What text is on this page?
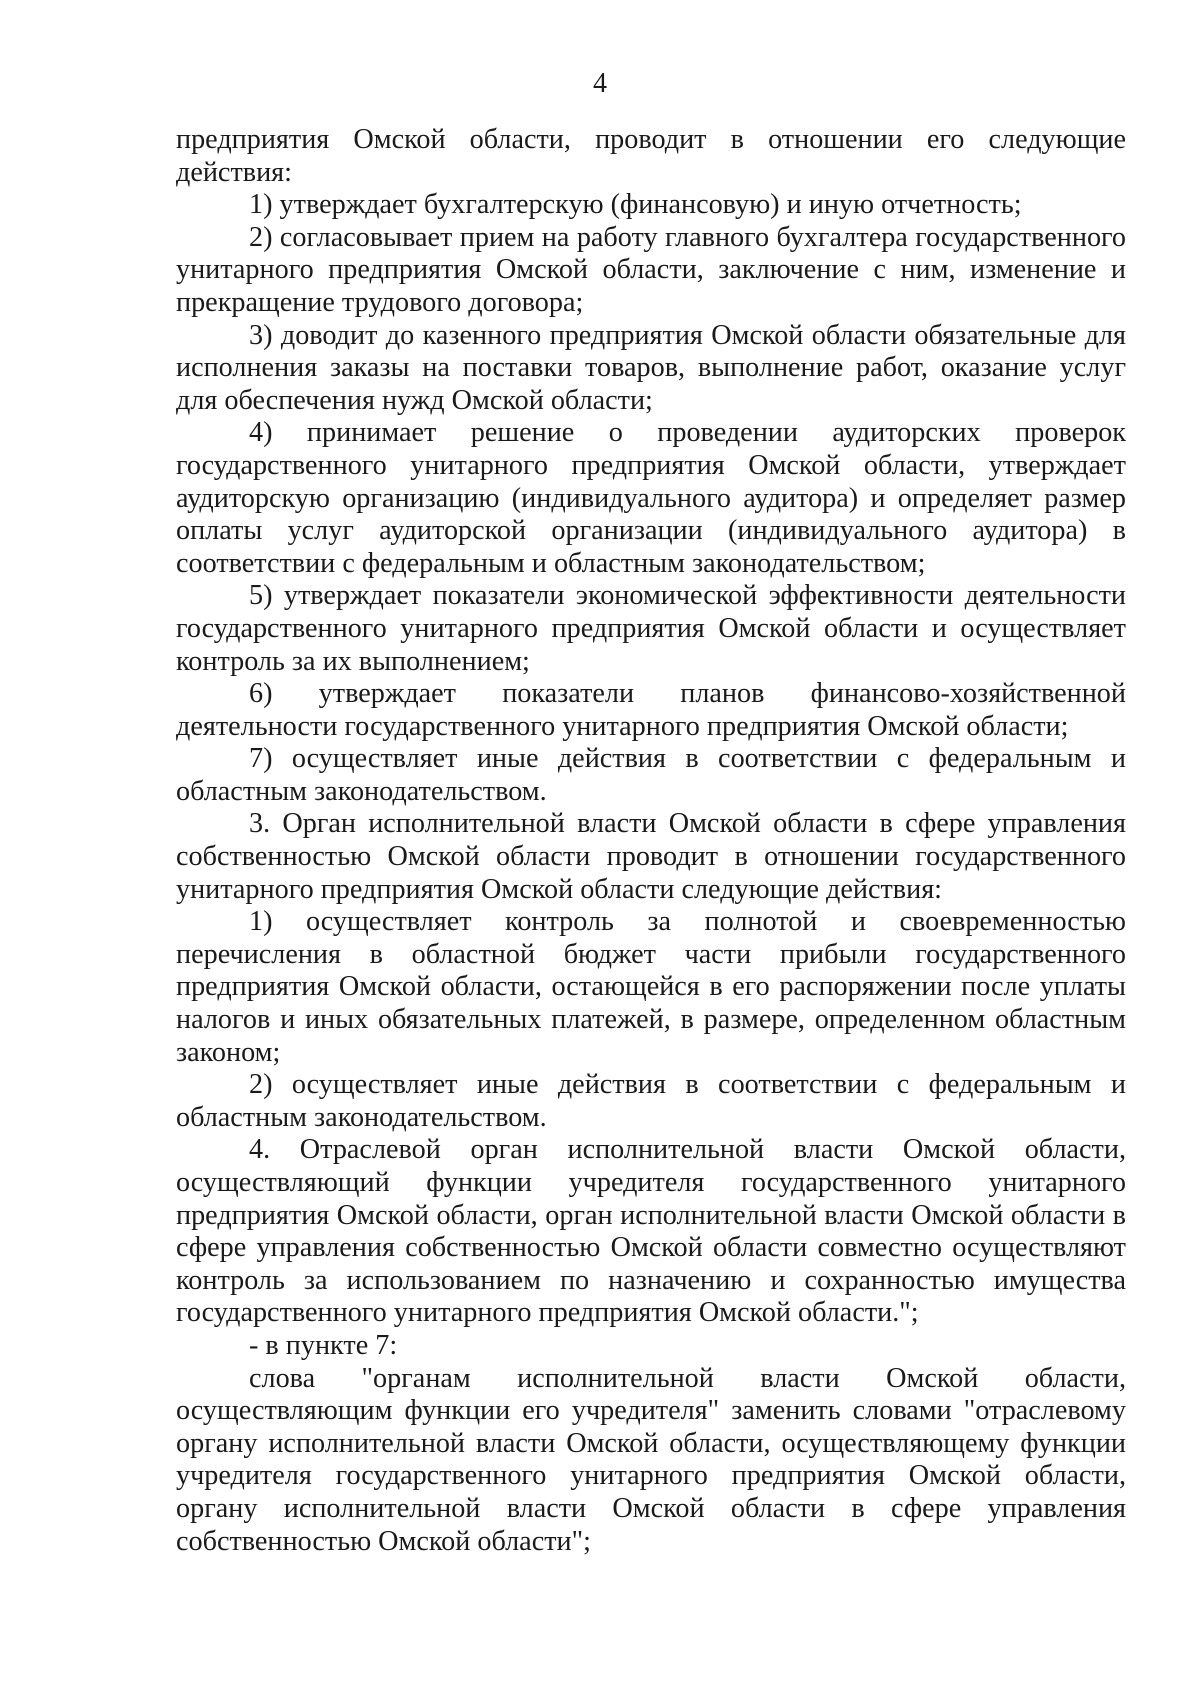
4

предприятия Омской области, проводит в отношении его следующие действия:

1) утверждает бухгалтерскую (финансовую) и иную отчетность;

2) согласовывает прием на работу главного бухгалтера государственного унитарного предприятия Омской области, заключение с ним, изменение и прекращение трудового договора;

3) доводит до казенного предприятия Омской области обязательные для исполнения заказы на поставки товаров, выполнение работ, оказание услуг для обеспечения нужд Омской области;

4) принимает решение о проведении аудиторских проверок государственного унитарного предприятия Омской области, утверждает аудиторскую организацию (индивидуального аудитора) и определяет размер оплаты услуг аудиторской организации (индивидуального аудитора) в соответствии с федеральным и областным законодательством;

5) утверждает показатели экономической эффективности деятельности государственного унитарного предприятия Омской области и осуществляет контроль за их выполнением;

6) утверждает показатели планов финансово-хозяйственной деятельности государственного унитарного предприятия Омской области;

7) осуществляет иные действия в соответствии с федеральным и областным законодательством.

3. Орган исполнительной власти Омской области в сфере управления собственностью Омской области проводит в отношении государственного унитарного предприятия Омской области следующие действия:

1) осуществляет контроль за полнотой и своевременностью перечисления в областной бюджет части прибыли государственного предприятия Омской области, остающейся в его распоряжении после уплаты налогов и иных обязательных платежей, в размере, определенном областным законом;

2) осуществляет иные действия в соответствии с федеральным и областным законодательством.

4. Отраслевой орган исполнительной власти Омской области, осуществляющий функции учредителя государственного унитарного предприятия Омской области, орган исполнительной власти Омской области в сфере управления собственностью Омской области совместно осуществляют контроль за использованием по назначению и сохранностью имущества государственного унитарного предприятия Омской области.";

- в пункте 7:

слова "органам исполнительной власти Омской области, осуществляющим функции его учредителя" заменить словами "отраслевому органу исполнительной власти Омской области, осуществляющему функции учредителя государственного унитарного предприятия Омской области, органу исполнительной власти Омской области в сфере управления собственностью Омской области";
